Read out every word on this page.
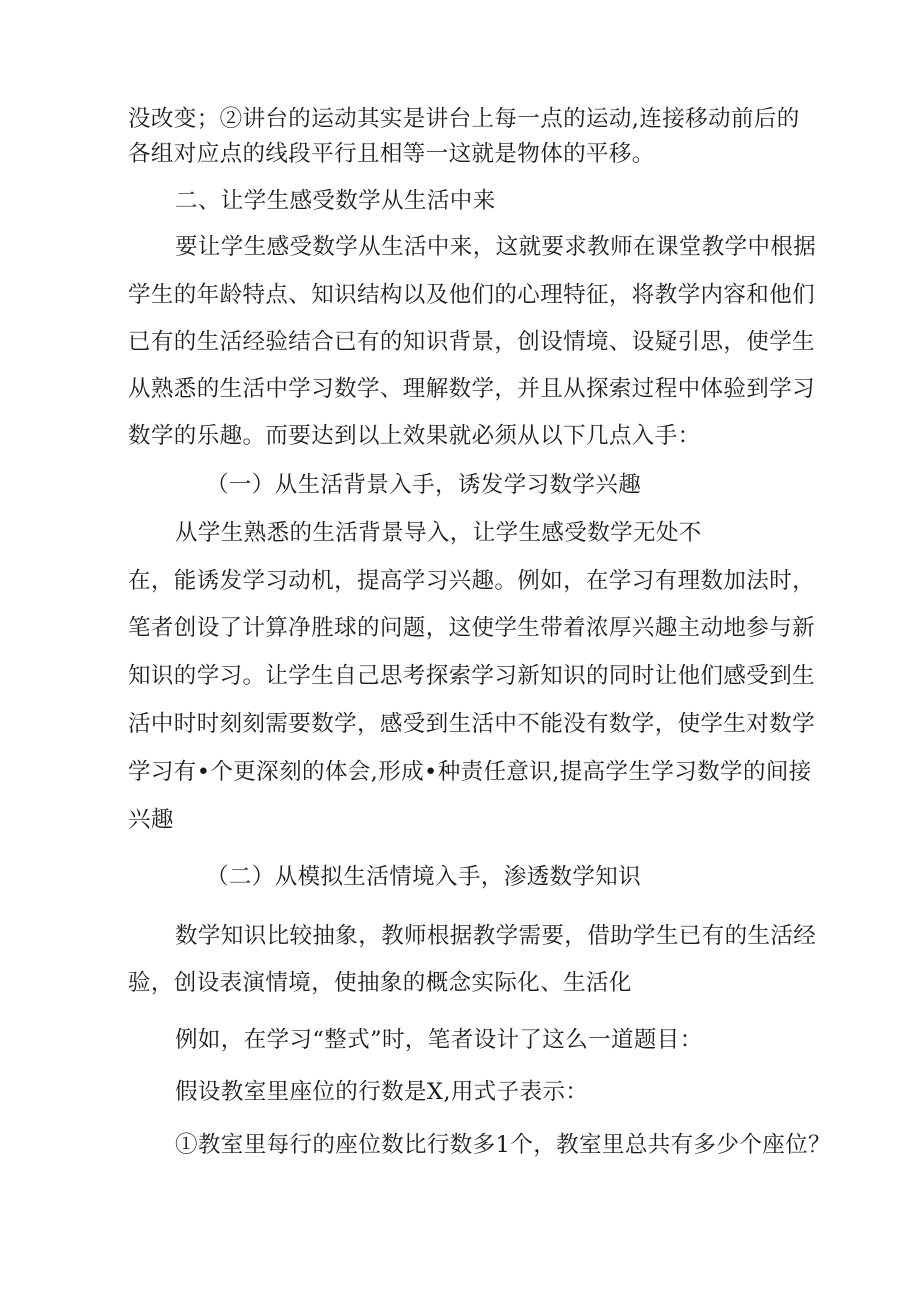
没改变；②讲台的运动其实是讲台上每一点的运动,连接移动前后的
各组对应点的线段平行且相等一这就是物体的平移。
二、让学生感受数学从生活中来
要让学生感受数学从生活中来，这就要求教师在课堂教学中根据
学生的年龄特点、知识结构以及他们的心理特征，将教学内容和他们
已有的生活经验结合已有的知识背景，创设情境、设疑引思，使学生
从熟悉的生活中学习数学、理解数学，并且从探索过程中体验到学习
数学的乐趣。而要达到以上效果就必须从以下几点入手：
（一）从生活背景入手，诱发学习数学兴趣
从学生熟悉的生活背景导入，让学生感受数学无处不
在，能诱发学习动机，提高学习兴趣。例如，在学习有理数加法时，
笔者创设了计算净胜球的问题，这使学生带着浓厚兴趣主动地参与新
知识的学习。让学生自己思考探索学习新知识的同时让他们感受到生
活中时时刻刻需要数学，感受到生活中不能没有数学，使学生对数学
学习有•个更深刻的体会,形成•种责任意识,提高学生学习数学的间接
兴趣
（二）从模拟生活情境入手，渗透数学知识
数学知识比较抽象，教师根据教学需要，借助学生已有的生活经
验，创设表演情境，使抽象的概念实际化、生活化
例如，在学习“整式”时，笔者设计了这么一道题目：
假设教室里座位的行数是X,用式子表示：
①教室里每行的座位数比行数多1个，教室里总共有多少个座位？
